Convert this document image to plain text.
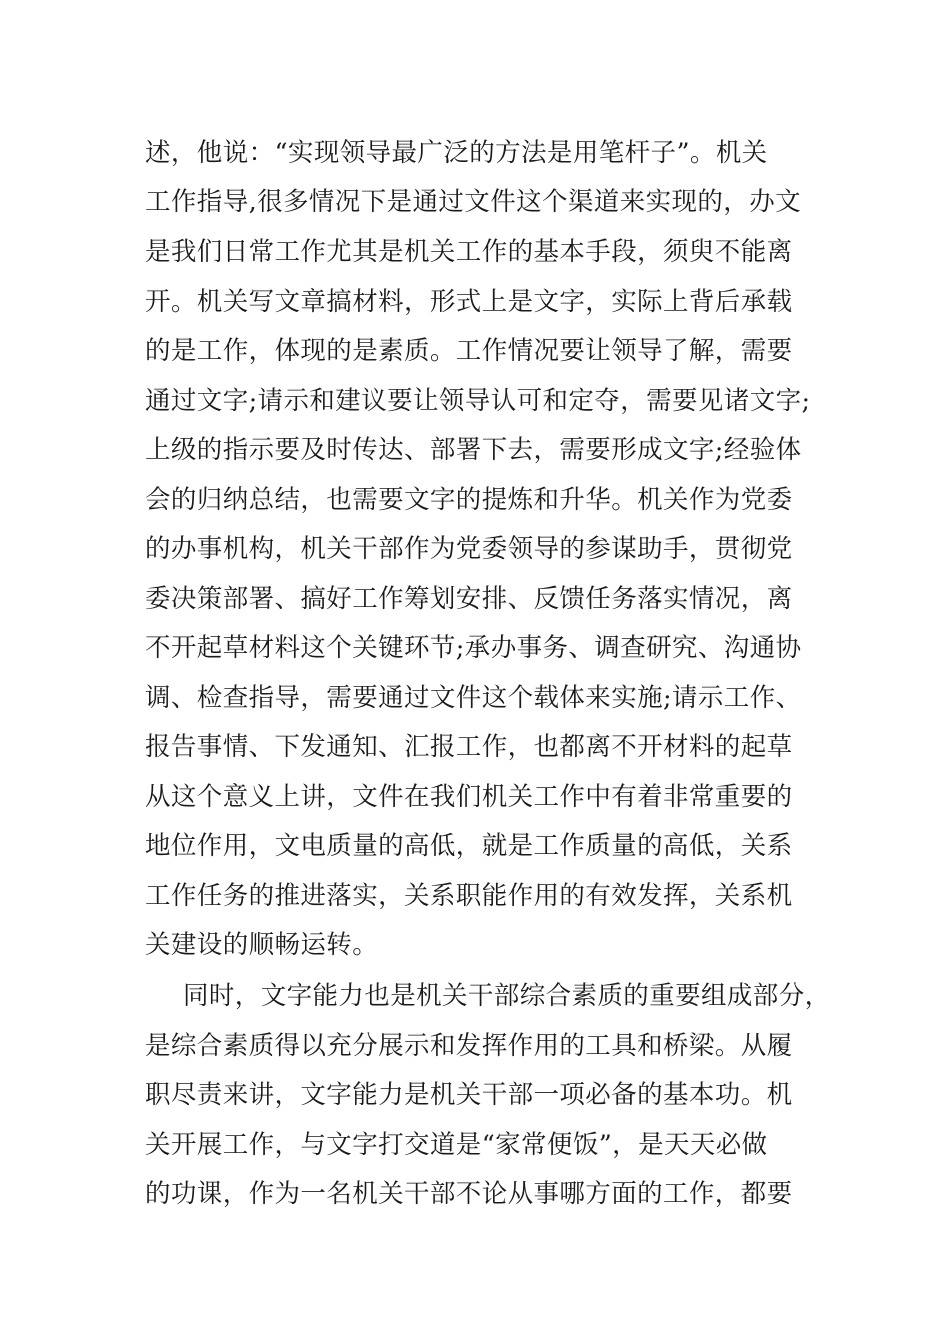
述，他说：“实现领导最广泛的方法是用笔杆子”。机关
工作指导,很多情况下是通过文件这个渠道来实现的，办文
是我们日常工作尤其是机关工作的基本手段，须臾不能离
开。机关写文章搞材料，形式上是文字，实际上背后承载
的是工作，体现的是素质。工作情况要让领导了解，需要
通过文字;请示和建议要让领导认可和定夺，需要见诸文字;
上级的指示要及时传达、部署下去，需要形成文字;经验体
会的归纳总结，也需要文字的提炼和升华。机关作为党委
的办事机构，机关干部作为党委领导的参谋助手，贯彻党
委决策部署、搞好工作筹划安排、反馈任务落实情况，离
不开起草材料这个关键环节;承办事务、调查研究、沟通协
调、检查指导，需要通过文件这个载体来实施;请示工作、
报告事情、下发通知、汇报工作，也都离不开材料的起草
从这个意义上讲，文件在我们机关工作中有着非常重要的
地位作用，文电质量的高低，就是工作质量的高低，关系
工作任务的推进落实，关系职能作用的有效发挥，关系机
关建设的顺畅运转。
同时，文字能力也是机关干部综合素质的重要组成部分，
是综合素质得以充分展示和发挥作用的工具和桥梁。从履
职尽责来讲，文字能力是机关干部一项必备的基本功。机
关开展工作，与文字打交道是“家常便饭”，是天天必做
的功课，作为一名机关干部不论从事哪方面的工作，都要
